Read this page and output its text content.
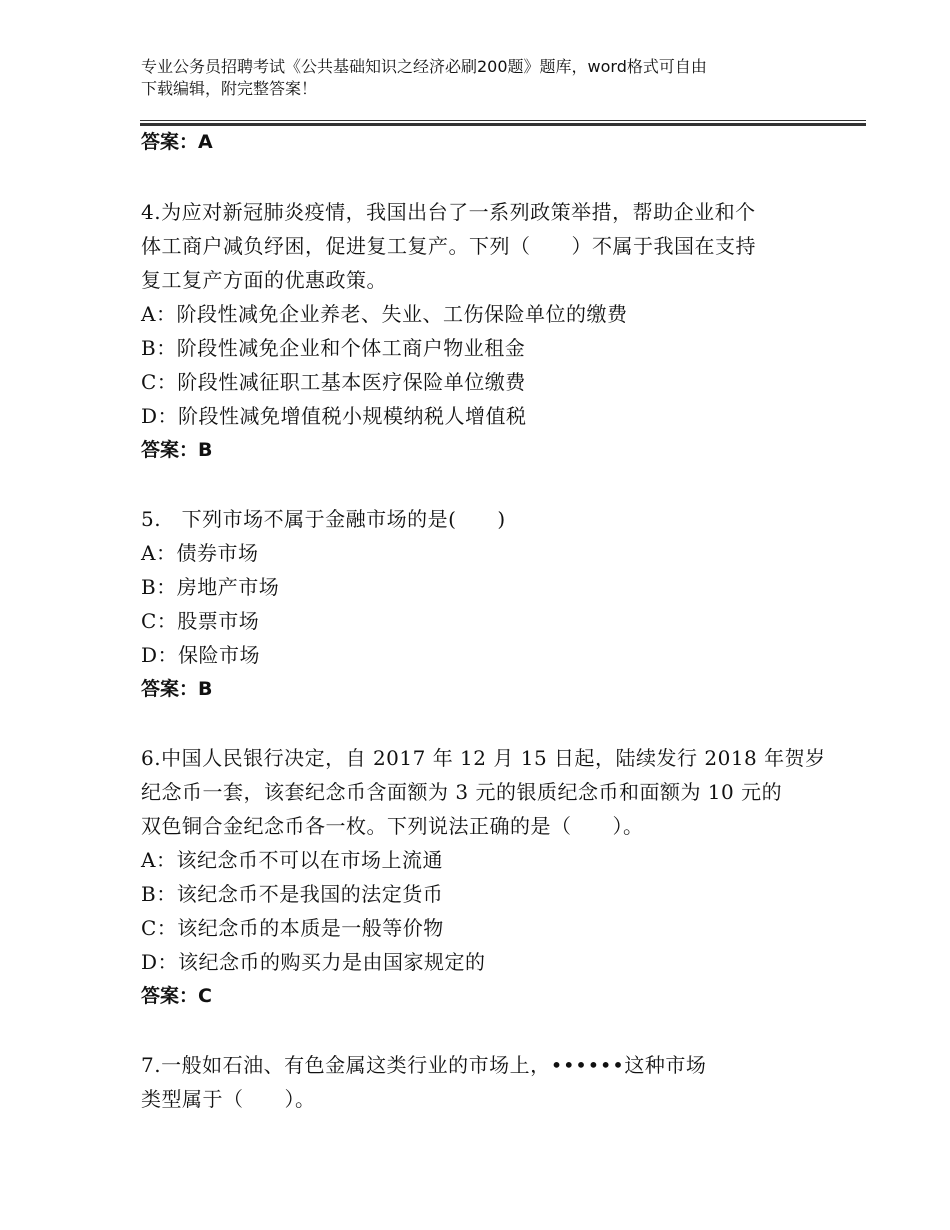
专业公务员招聘考试《公共基础知识之经济必刷200题》题库，word格式可自由
下载编辑，附完整答案！
答案：A
4.为应对新冠肺炎疫情，我国出台了一系列政策举措，帮助企业和个
体工商户减负纾困，促进复工复产。下列（　　）不属于我国在支持
复工复产方面的优惠政策。
A：阶段性减免企业养老、失业、工伤保险单位的缴费
B：阶段性减免企业和个体工商户物业租金
C：阶段性减征职工基本医疗保险单位缴费
D：阶段性减免增值税小规模纳税人增值税
答案：B
5.　下列市场不属于金融市场的是(　　)
A：债券市场
B：房地产市场
C：股票市场
D：保险市场
答案：B
6.中国人民银行决定，自 2017 年 12 月 15 日起，陆续发行 2018 年贺岁
纪念币一套，该套纪念币含面额为 3 元的银质纪念币和面额为 10 元的
双色铜合金纪念币各一枚。下列说法正确的是（　　）。
A：该纪念币不可以在市场上流通
B：该纪念币不是我国的法定货币
C：该纪念币的本质是一般等价物
D：该纪念币的购买力是由国家规定的
答案：C
7.一般如石油、有色金属这类行业的市场上，••••••这种市场
类型属于（　　）。
